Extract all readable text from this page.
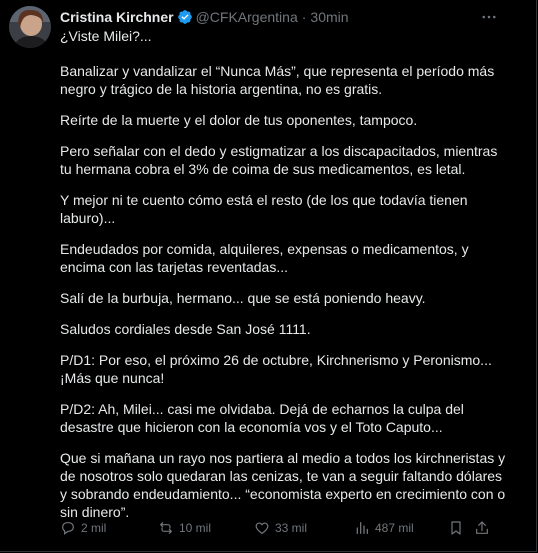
Cristina Kirchner @CFKArgentina · 30min

¿Viste Milei?...

Banalizar y vandalizar el “Nunca Más”, que representa el período más negro y trágico de la historia argentina, no es gratis.

Reírte de la muerte y el dolor de tus oponentes, tampoco.

Pero señalar con el dedo y estigmatizar a los discapacitados, mientras tu hermana cobra el 3% de coima de sus medicamentos, es letal.

Y mejor ni te cuento cómo está el resto (de los que todavía tienen laburo)...

Endeudados por comida, alquileres, expensas o medicamentos, y encima con las tarjetas reventadas...

Salí de la burbuja, hermano... que se está poniendo heavy.

Saludos cordiales desde San José 1111.

P/D1: Por eso, el próximo 26 de octubre, Kirchnerismo y Peronismo... ¡Más que nunca!

P/D2: Ah, Milei... casi me olvidaba. Dejá de echarnos la culpa del desastre que hicieron con la economía vos y el Toto Caputo...

Que si mañana un rayo nos partiera al medio a todos los kirchneristas y de nosotros solo quedaran las cenizas, te van a seguir faltando dólares y sobrando endeudamiento... “economista experto en crecimiento con o sin dinero”.

2 mil	10 mil	33 mil	487 mil
